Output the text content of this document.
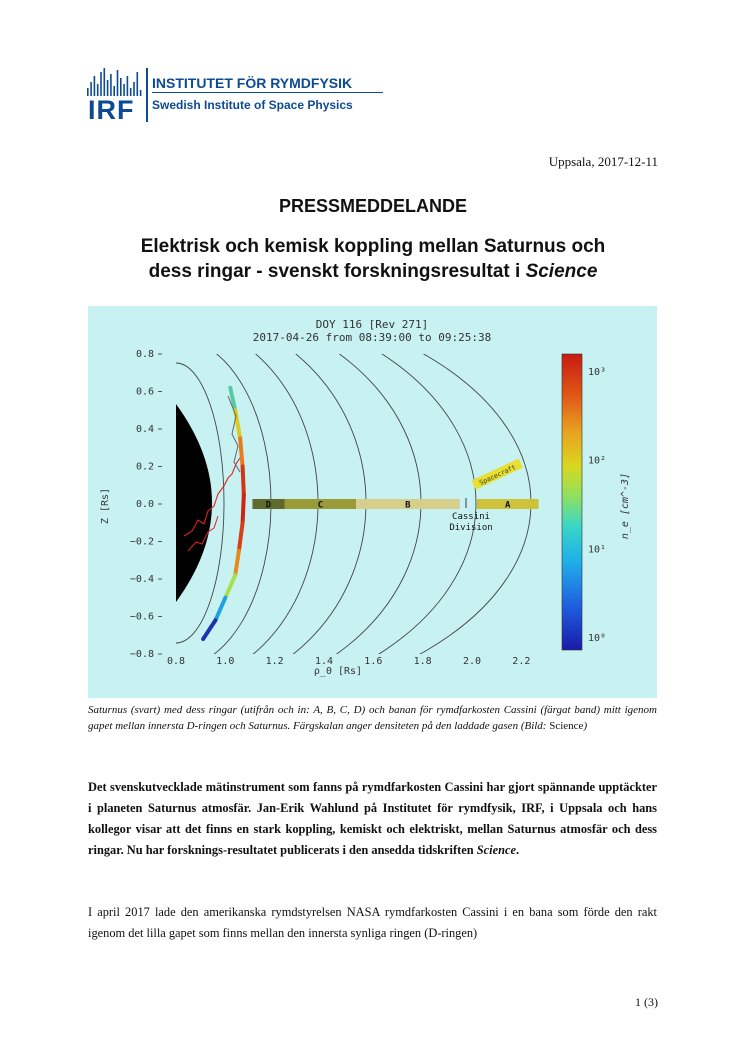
IRF
INSTITUTET FÖR RYMDFYSIK
Swedish Institute of Space Physics
Uppsala, 2017-12-11
PRESSMEDDELANDE
Elektrisk och kemisk koppling mellan Saturnus och
dess ringar - svenskt forskningsresultat i Science
DOY 116 [Rev 271]
2017-04-26 from 08:39:00 to 09:25:38
D	C	B	A
0.8	1.0	1.2	1.4	1.6	1.8	2.0	2.2
0.8
0.6
0.4
0.2
0.0
−0.2
−0.4
−0.6
−0.8
Z [Rs]
ρ_0 [Rs]
Cassini
Division
Spacecraft
10³
10²
10¹
10⁰
n_e [cm^-3]
Saturnus (svart) med dess ringar (utifrån och in: A, B, C, D) och banan för rymdfarkosten Cassini (färgat band) mitt igenom gapet mellan innersta D-ringen och Saturnus. Färgskalan anger densiteten på den laddade gasen (Bild: Science)
Det svenskutvecklade mätinstrument som fanns på rymdfarkosten Cassini har gjort spännande upptäckter i planeten Saturnus atmosfär. Jan-Erik Wahlund på Institutet för rymdfysik, IRF, i Uppsala och hans kollegor visar att det finns en stark koppling, kemiskt och elektriskt, mellan Saturnus atmosfär och dess ringar. Nu har forsknings-resultatet publicerats i den ansedda tidskriften Science.
I april 2017 lade den amerikanska rymdstyrelsen NASA rymdfarkosten Cassini i en bana som förde den rakt igenom det lilla gapet som finns mellan den innersta synliga ringen (D-ringen)
1 (3)
